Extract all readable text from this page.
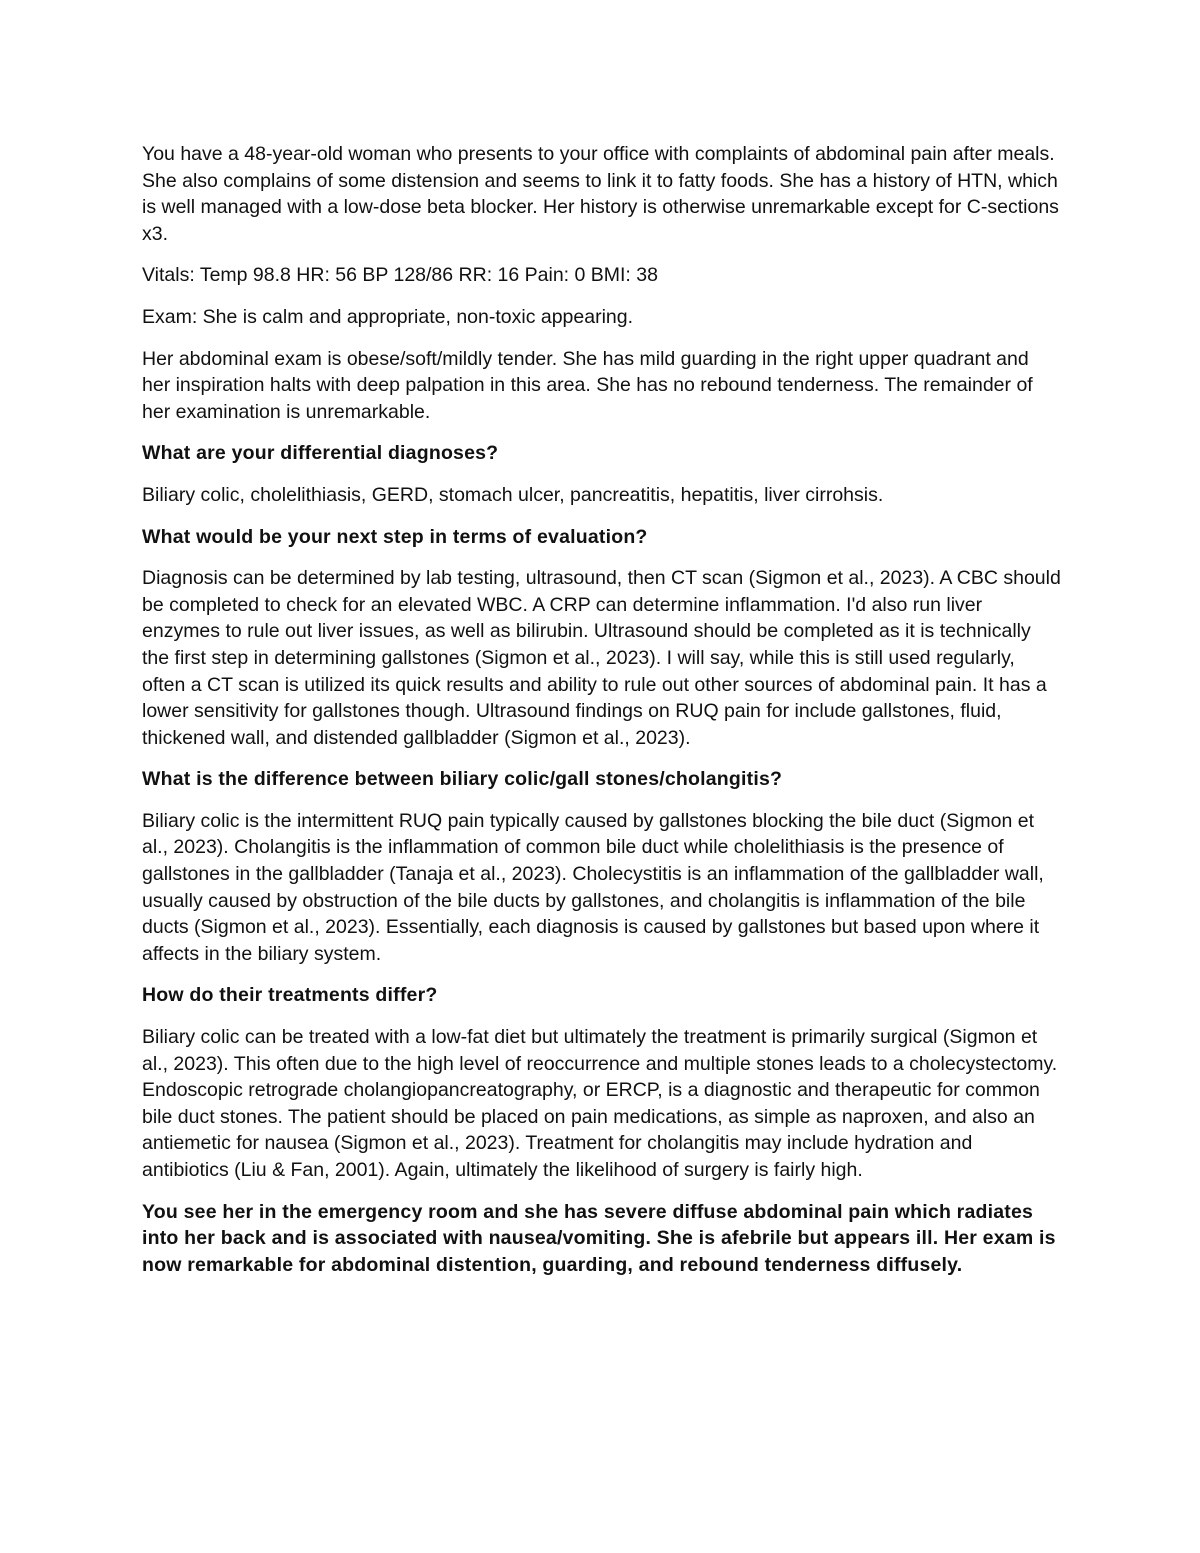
You have a 48-year-old woman who presents to your office with complaints of abdominal pain after meals. She also complains of some distension and seems to link it to fatty foods. She has a history of HTN, which is well managed with a low-dose beta blocker. Her history is otherwise unremarkable except for C-sections x3.

Vitals: Temp 98.8 HR: 56 BP 128/86 RR: 16 Pain: 0 BMI: 38

Exam: She is calm and appropriate, non-toxic appearing.

Her abdominal exam is obese/soft/mildly tender. She has mild guarding in the right upper quadrant and her inspiration halts with deep palpation in this area. She has no rebound tenderness. The remainder of her examination is unremarkable.

What are your differential diagnoses?

Biliary colic, cholelithiasis, GERD, stomach ulcer, pancreatitis, hepatitis, liver cirrohsis.

What would be your next step in terms of evaluation?

Diagnosis can be determined by lab testing, ultrasound, then CT scan (Sigmon et al., 2023). A CBC should be completed to check for an elevated WBC. A CRP can determine inflammation. I'd also run liver enzymes to rule out liver issues, as well as bilirubin. Ultrasound should be completed as it is technically the first step in determining gallstones (Sigmon et al., 2023). I will say, while this is still used regularly, often a CT scan is utilized its quick results and ability to rule out other sources of abdominal pain. It has a lower sensitivity for gallstones though. Ultrasound findings on RUQ pain for include gallstones, fluid, thickened wall, and distended gallbladder (Sigmon et al., 2023).

What is the difference between biliary colic/gall stones/cholangitis?

Biliary colic is the intermittent RUQ pain typically caused by gallstones blocking the bile duct (Sigmon et al., 2023). Cholangitis is the inflammation of common bile duct while cholelithiasis is the presence of gallstones in the gallbladder (Tanaja et al., 2023). Cholecystitis is an inflammation of the gallbladder wall, usually caused by obstruction of the bile ducts by gallstones, and cholangitis is inflammation of the bile ducts (Sigmon et al., 2023). Essentially, each diagnosis is caused by gallstones but based upon where it affects in the biliary system.

How do their treatments differ?

Biliary colic can be treated with a low-fat diet but ultimately the treatment is primarily surgical (Sigmon et al., 2023). This often due to the high level of reoccurrence and multiple stones leads to a cholecystectomy. Endoscopic retrograde cholangiopancreatography, or ERCP, is a diagnostic and therapeutic for common bile duct stones. The patient should be placed on pain medications, as simple as naproxen, and also an antiemetic for nausea (Sigmon et al., 2023). Treatment for cholangitis may include hydration and antibiotics (Liu & Fan, 2001). Again, ultimately the likelihood of surgery is fairly high.

You see her in the emergency room and she has severe diffuse abdominal pain which radiates into her back and is associated with nausea/vomiting. She is afebrile but appears ill. Her exam is now remarkable for abdominal distention, guarding, and rebound tenderness diffusely.
